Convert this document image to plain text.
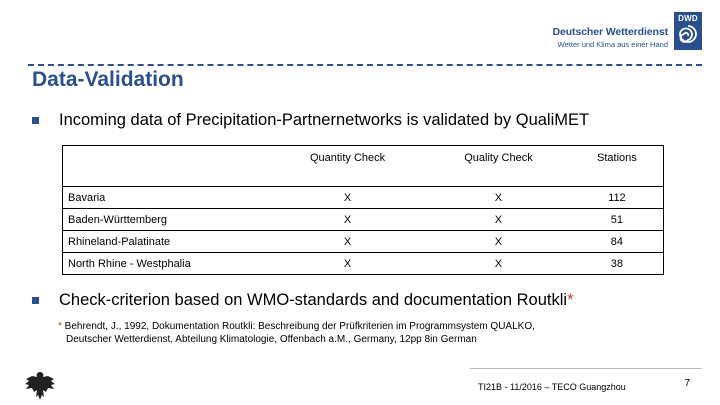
Deutscher Wetterdienst
Wetter und Klima aus einer Hand
DWD
Data-Validation
Incoming data of Precipitation-Partnernetworks is validated by QualiMET
	Quantity Check	Quality Check	Stations
Bavaria	X	X	112
Baden-Württemberg	X	X	51
Rhineland-Palatinate	X	X	84
North Rhine - Westphalia	X	X	38
Check-criterion based on WMO-standards and documentation Routkli*
* Behrendt, J., 1992, Dokumentation Routkli: Beschreibung der Prüfkriterien im Programmsystem QUALKO,
Deutscher Wetterdienst, Abteilung Klimatologie, Offenbach a.M., Germany, 12pp 8in German
TI21B - 11/2016 – TECO Guangzhou	7
